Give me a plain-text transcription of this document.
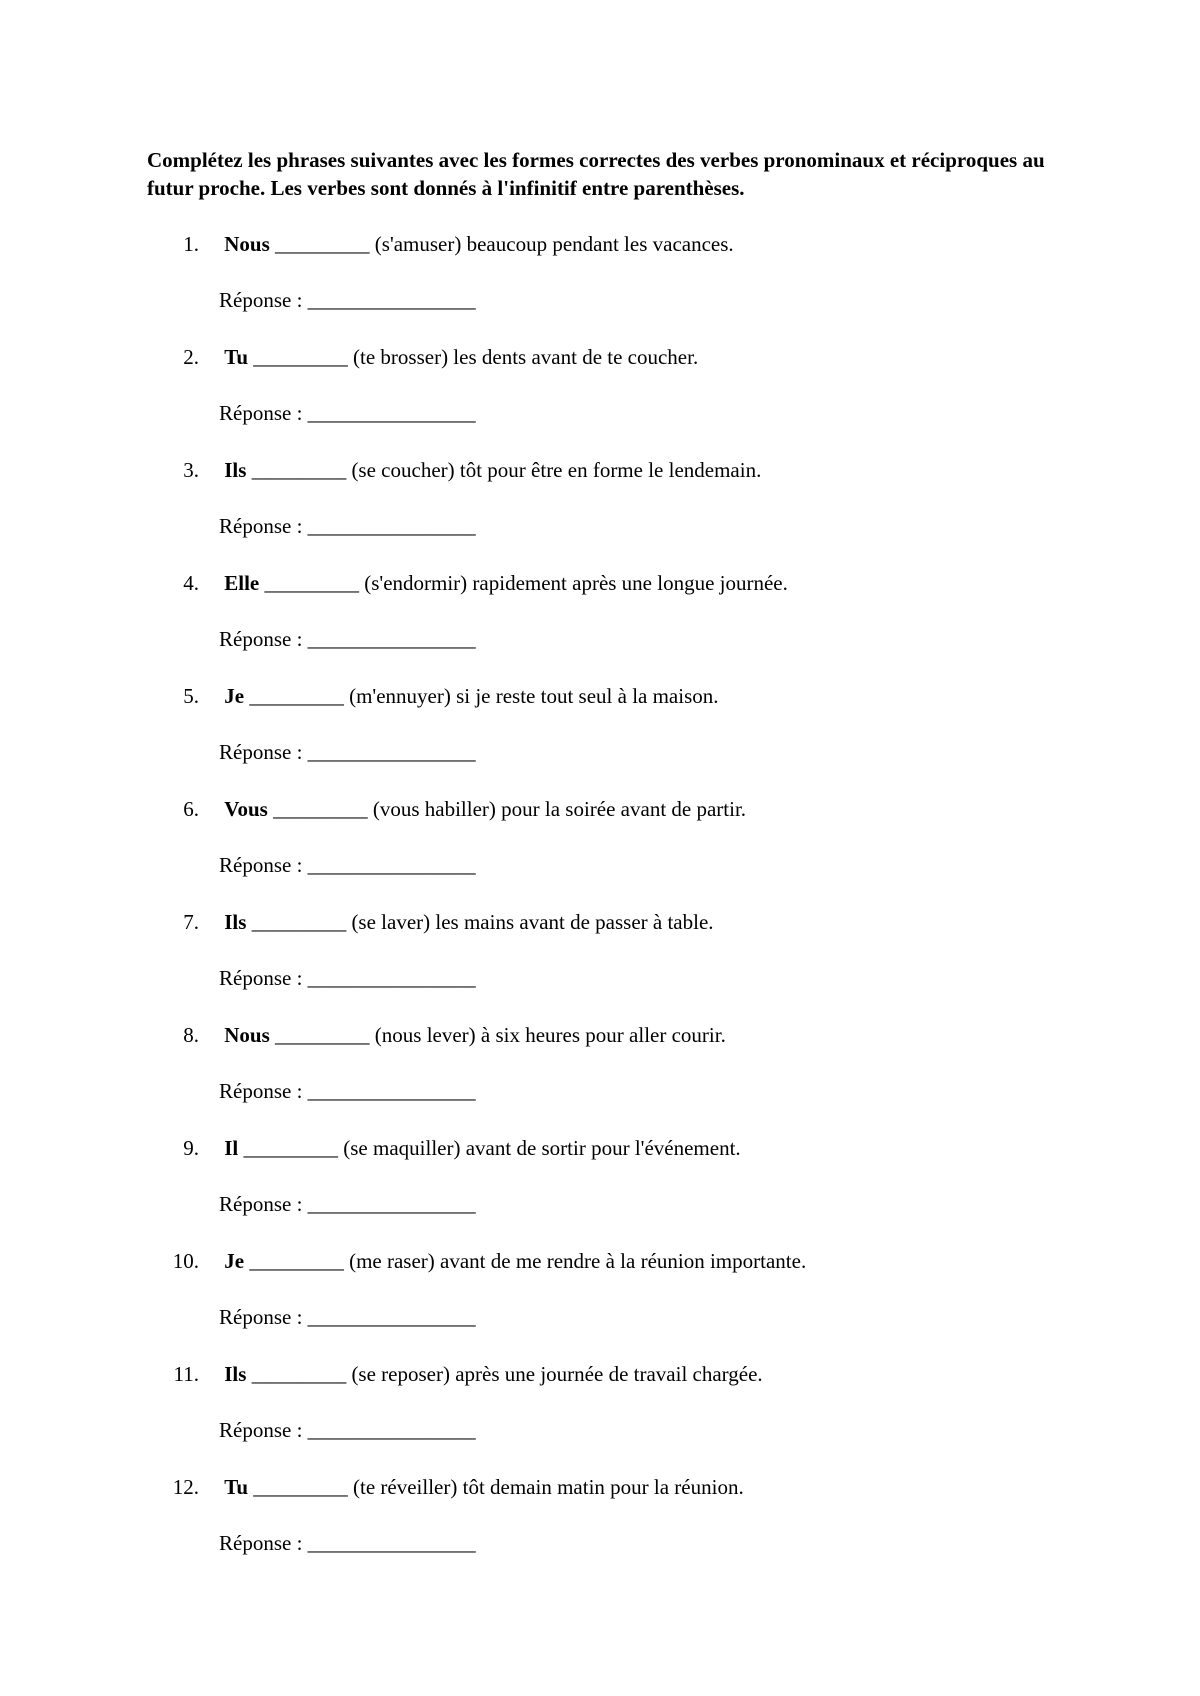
Complétez les phrases suivantes avec les formes correctes des verbes pronominaux et réciproques au futur proche. Les verbes sont donnés à l'infinitif entre parenthèses.
1. Nous _________ (s'amuser) beaucoup pendant les vacances.
Réponse : ________________
2. Tu _________ (te brosser) les dents avant de te coucher.
Réponse : ________________
3. Ils _________ (se coucher) tôt pour être en forme le lendemain.
Réponse : ________________
4. Elle _________ (s'endormir) rapidement après une longue journée.
Réponse : ________________
5. Je _________ (m'ennuyer) si je reste tout seul à la maison.
Réponse : ________________
6. Vous _________ (vous habiller) pour la soirée avant de partir.
Réponse : ________________
7. Ils _________ (se laver) les mains avant de passer à table.
Réponse : ________________
8. Nous _________ (nous lever) à six heures pour aller courir.
Réponse : ________________
9. Il _________ (se maquiller) avant de sortir pour l'événement.
Réponse : ________________
10. Je _________ (me raser) avant de me rendre à la réunion importante.
Réponse : ________________
11. Ils _________ (se reposer) après une journée de travail chargée.
Réponse : ________________
12. Tu _________ (te réveiller) tôt demain matin pour la réunion.
Réponse : ________________
